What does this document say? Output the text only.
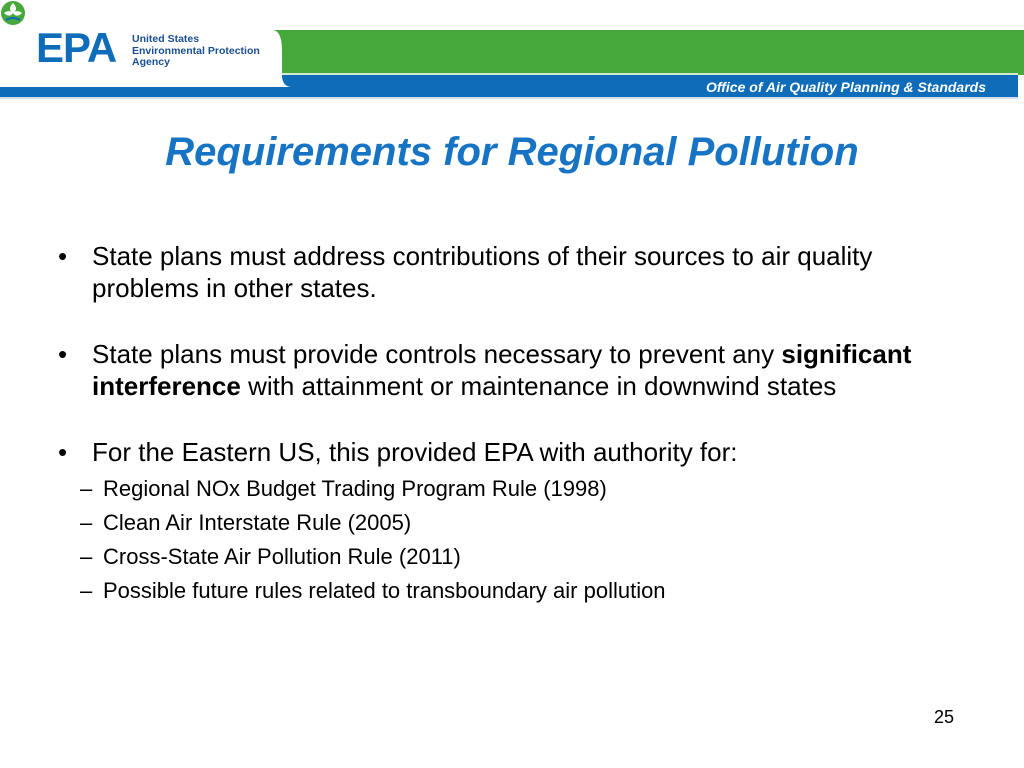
EPA United States
Environmental Protection
Agency
Office of Air Quality Planning & Standards
Requirements for Regional Pollution
• State plans must address contributions of their sources to air quality problems in other states.
• State plans must provide controls necessary to prevent any significant interference with attainment or maintenance in downwind states
• For the Eastern US, this provided EPA with authority for:
– Regional NOx Budget Trading Program Rule (1998)
– Clean Air Interstate Rule (2005)
– Cross-State Air Pollution Rule (2011)
– Possible future rules related to transboundary air pollution
25
